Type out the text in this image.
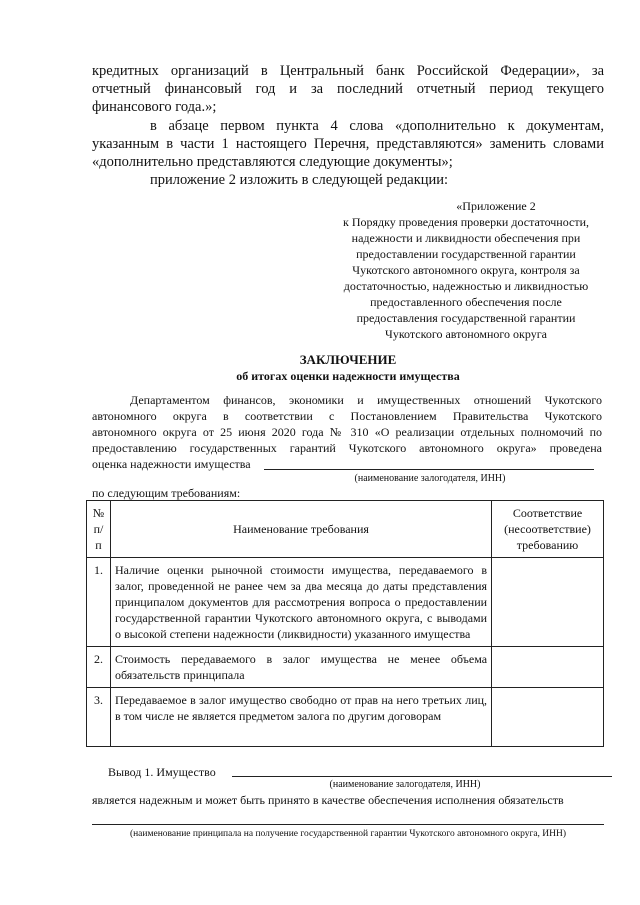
кредитных организаций в Центральный банк Российской Федерации», за
отчетный финансовый год и за последний отчетный период текущего
финансового года.»;
в абзаце первом пункта 4 слова «дополнительно к документам,
указанным в части 1 настоящего Перечня, представляются» заменить словами
«дополнительно представляются следующие документы»;
приложение 2 изложить в следующей редакции:
«Приложение 2
к Порядку проведения проверки достаточности,
надежности и ликвидности обеспечения при
предоставлении государственной гарантии
Чукотского автономного округа, контроля за
достаточностью, надежностью и ликвидностью
предоставленного обеспечения после
предоставления государственной гарантии
Чукотского автономного округа
ЗАКЛЮЧЕНИЕ
об итогах оценки надежности имущества
Департаментом финансов, экономики и имущественных отношений Чукотского
автономного округа в соответствии с Постановлением Правительства Чукотского
автономного округа от 25 июня 2020 года № 310 «О реализации отдельных полномочий по
предоставлению государственных гарантий Чукотского автономного округа» проведена
оценка надежности имущества
(наименование залогодателя, ИНН)
по следующим требованиям:
№ п/п	Наименование требования	Соответствие (несоответствие) требованию
1.	Наличие оценки рыночной стоимости имущества, передаваемого в залог, проведенной не ранее чем за два месяца до даты представления принципалом документов для рассмотрения вопроса о предоставлении государственной гарантии Чукотского автономного округа, с выводами о высокой степени надежности (ликвидности) указанного имущества	
2.	Стоимость передаваемого в залог имущества не менее объема обязательств принципала	
3.	Передаваемое в залог имущество свободно от прав на него третьих лиц, в том числе не является предметом залога по другим договорам	
Вывод 1. Имущество
(наименование залогодателя, ИНН)
является надежным и может быть принято в качестве обеспечения исполнения обязательств
(наименование принципала на получение государственной гарантии Чукотского автономного округа, ИНН)
